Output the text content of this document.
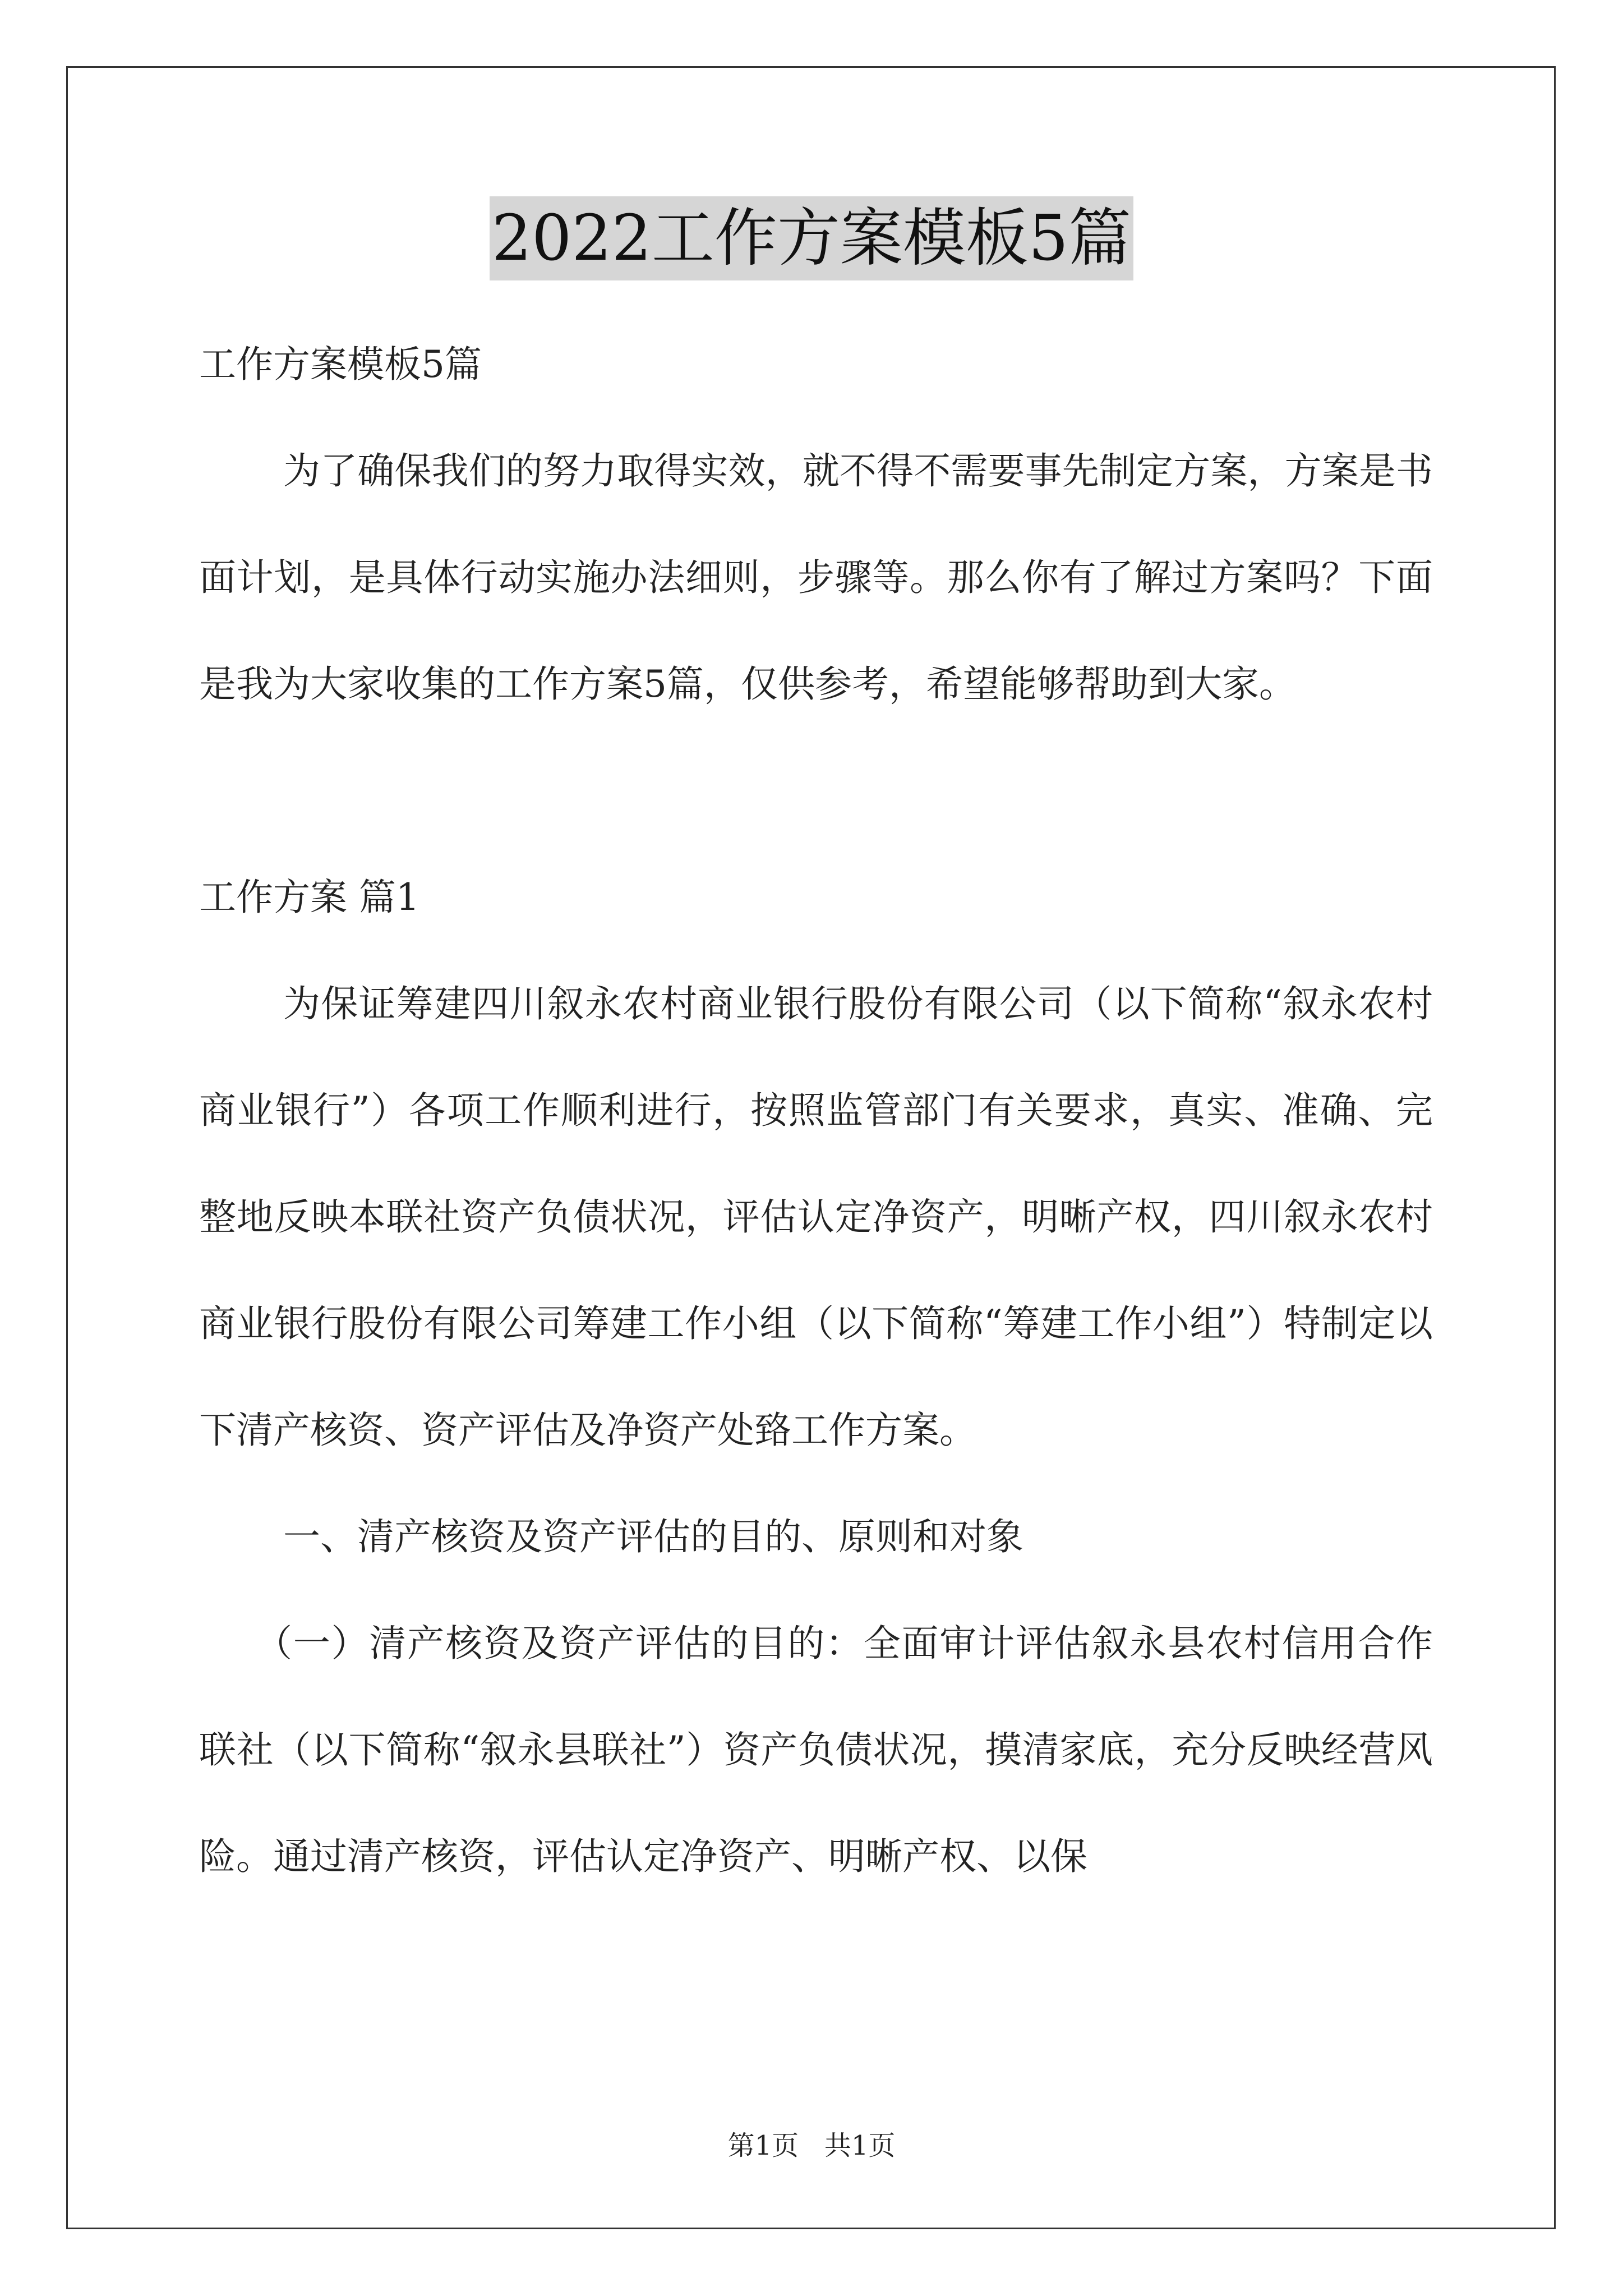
2022工作方案模板5篇

工作方案模板5篇

为了确保我们的努力取得实效，就不得不需要事先制定方案，方案是书面计划，是具体行动实施办法细则，步骤等。那么你有了解过方案吗？下面是我为大家收集的工作方案5篇，仅供参考，希望能够帮助到大家。

工作方案 篇1

为保证筹建四川叙永农村商业银行股份有限公司（以下简称“叙永农村商业银行”）各项工作顺利进行，按照监管部门有关要求，真实、准确、完整地反映本联社资产负债状况，评估认定净资产，明晰产权，四川叙永农村商业银行股份有限公司筹建工作小组（以下简称“筹建工作小组”）特制定以下清产核资、资产评估及净资产处臵工作方案。

一、清产核资及资产评估的目的、原则和对象

（一）清产核资及资产评估的目的：全面审计评估叙永县农村信用合作联社（以下简称“叙永县联社”）资产负债状况，摸清家底，充分反映经营风险。通过清产核资，评估认定净资产、明晰产权、以保

第1页   共1页
